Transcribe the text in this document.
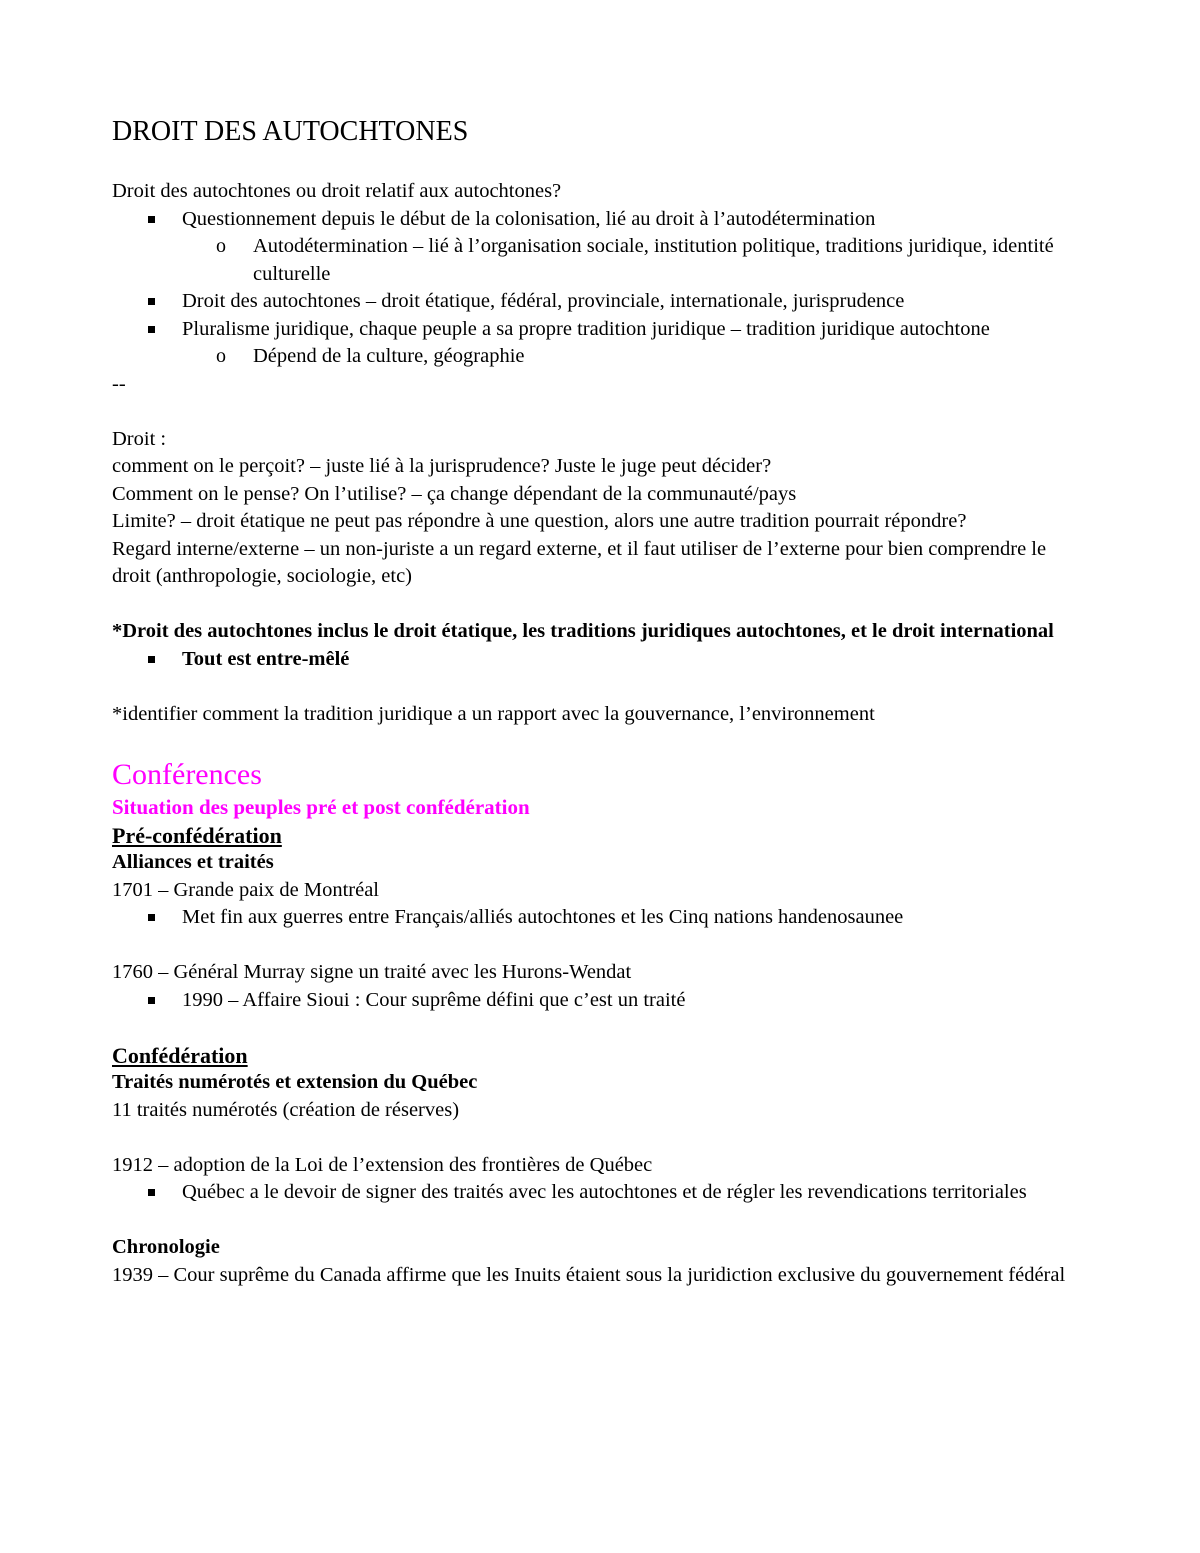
DROIT DES AUTOCHTONES

Droit des autochtones ou droit relatif aux autochtones?

Questionnement depuis le début de la colonisation, lié au droit à l’autodétermination

o Autodétermination – lié à l’organisation sociale, institution politique, traditions juridique, identité culturelle

Droit des autochtones – droit étatique, fédéral, provinciale, internationale, jurisprudence

Pluralisme juridique, chaque peuple a sa propre tradition juridique – tradition juridique autochtone

o Dépend de la culture, géographie

--

Droit :

comment on le perçoit? – juste lié à la jurisprudence? Juste le juge peut décider?

Comment on le pense? On l’utilise? – ça change dépendant de la communauté/pays

Limite? – droit étatique ne peut pas répondre à une question, alors une autre tradition pourrait répondre?

Regard interne/externe – un non-juriste a un regard externe, et il faut utiliser de l’externe pour bien comprendre le droit (anthropologie, sociologie, etc)

*Droit des autochtones inclus le droit étatique, les traditions juridiques autochtones, et le droit international

Tout est entre-mêlé

*identifier comment la tradition juridique a un rapport avec la gouvernance, l’environnement

Conférences
Situation des peuples pré et post confédération
Pré-confédération

Alliances et traités

1701 – Grande paix de Montréal

Met fin aux guerres entre Français/alliés autochtones et les Cinq nations handenosaunee

1760 – Général Murray signe un traité avec les Hurons-Wendat

1990 – Affaire Sioui : Cour suprême défini que c’est un traité

Confédération

Traités numérotés et extension du Québec

11 traités numérotés (création de réserves)

1912 – adoption de la Loi de l’extension des frontières de Québec

Québec a le devoir de signer des traités avec les autochtones et de régler les revendications territoriales

Chronologie

1939 – Cour suprême du Canada affirme que les Inuits étaient sous la juridiction exclusive du gouvernement fédéral
